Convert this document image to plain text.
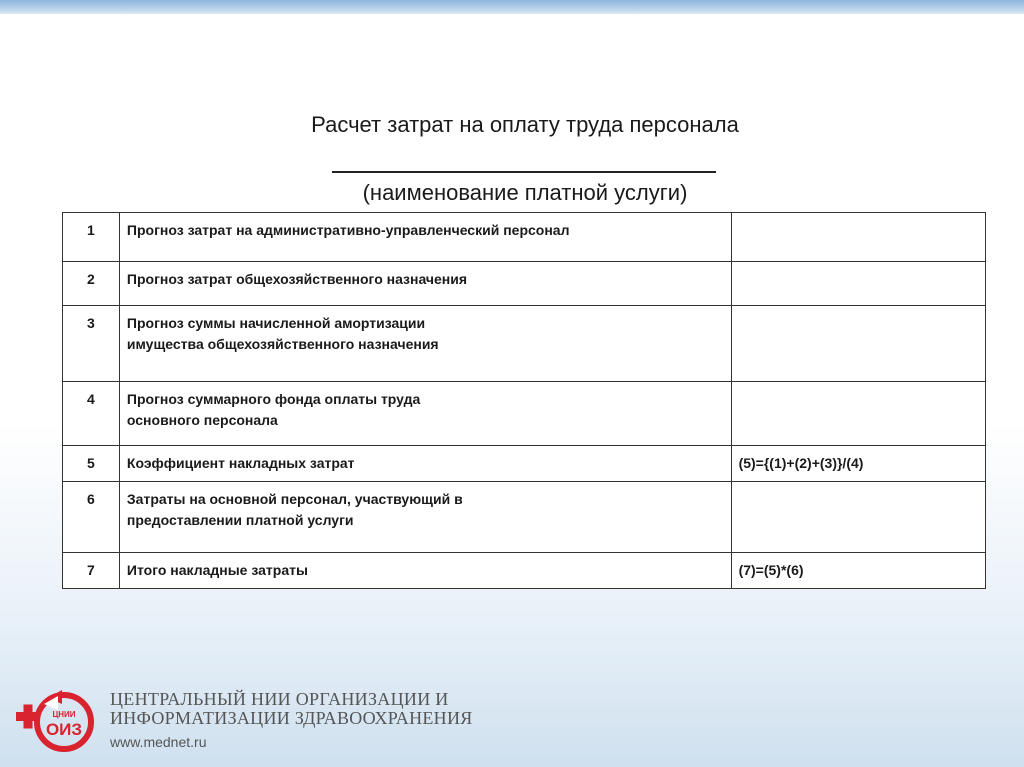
Расчет затрат на оплату труда персонала
(наименование платной услуги)
1	Прогноз затрат на административно-управленческий персонал	

2	Прогноз затрат общехозяйственного назначения	

3	Прогноз суммы начисленной амортизации
имущества общехозяйственного назначения	

4	Прогноз суммарного фонда оплаты труда
основного персонала	

5	Коэффициент накладных затрат	(5)={(1)+(2)+(3)}/(4)

6	Затраты на основной персонал, участвующий в
предоставлении платной услуги	

7	Итого накладные затраты	(7)=(5)*(6)
ЦНИИ
ОИЗ
ЦЕНТРАЛЬНЫЙ НИИ ОРГАНИЗАЦИИ И
ИНФОРМАТИЗАЦИИ ЗДРАВООХРАНЕНИЯ
www.mednet.ru
